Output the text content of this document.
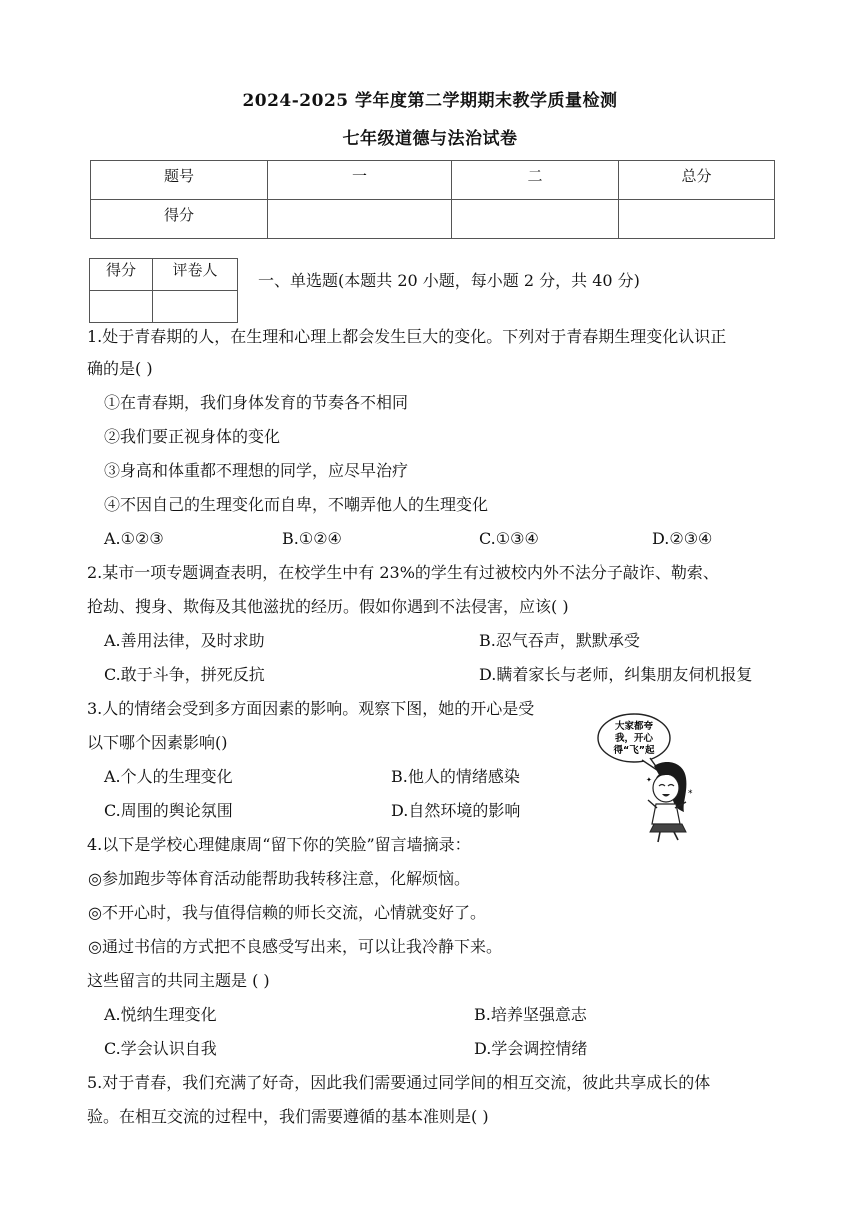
2024-2025 学年度第二学期期末教学质量检测
七年级道德与法治试卷
题号	一	二	总分
得分			
得分	评卷人

一、单选题(本题共 20 小题，每小题 2 分，共 40 分)
1.处于青春期的人，在生理和心理上都会发生巨大的变化。下列对于青春期生理变化认识正
确的是( )
①在青春期，我们身体发育的节奏各不相同
②我们要正视身体的变化
③身高和体重都不理想的同学，应尽早治疗
④不因自己的生理变化而自卑，不嘲弄他人的生理变化
A.①②③	B.①②④	C.①③④	D.②③④
2.某市一项专题调查表明，在校学生中有 23%的学生有过被校内外不法分子敲诈、勒索、
抢劫、搜身、欺侮及其他滋扰的经历。假如你遇到不法侵害，应该( )
A.善用法律，及时求助	B.忍气吞声，默默承受
C.敢于斗争，拼死反抗	D.瞒着家长与老师，纠集朋友伺机报复
3.人的情绪会受到多方面因素的影响。观察下图，她的开心是受
以下哪个因素影响()
A.个人的生理变化	B.他人的情绪感染
C.周围的舆论氛围	D.自然环境的影响
大家都夸
我，开心
得“飞”起
*
✦
4.以下是学校心理健康周“留下你的笑脸”留言墙摘录：
◎参加跑步等体育活动能帮助我转移注意，化解烦恼。
◎不开心时，我与值得信赖的师长交流，心情就变好了。
◎通过书信的方式把不良感受写出来，可以让我冷静下来。
这些留言的共同主题是 ( )
A.悦纳生理变化	B.培养坚强意志
C.学会认识自我	D.学会调控情绪
5.对于青春，我们充满了好奇，因此我们需要通过同学间的相互交流，彼此共享成长的体
验。在相互交流的过程中，我们需要遵循的基本准则是( )
